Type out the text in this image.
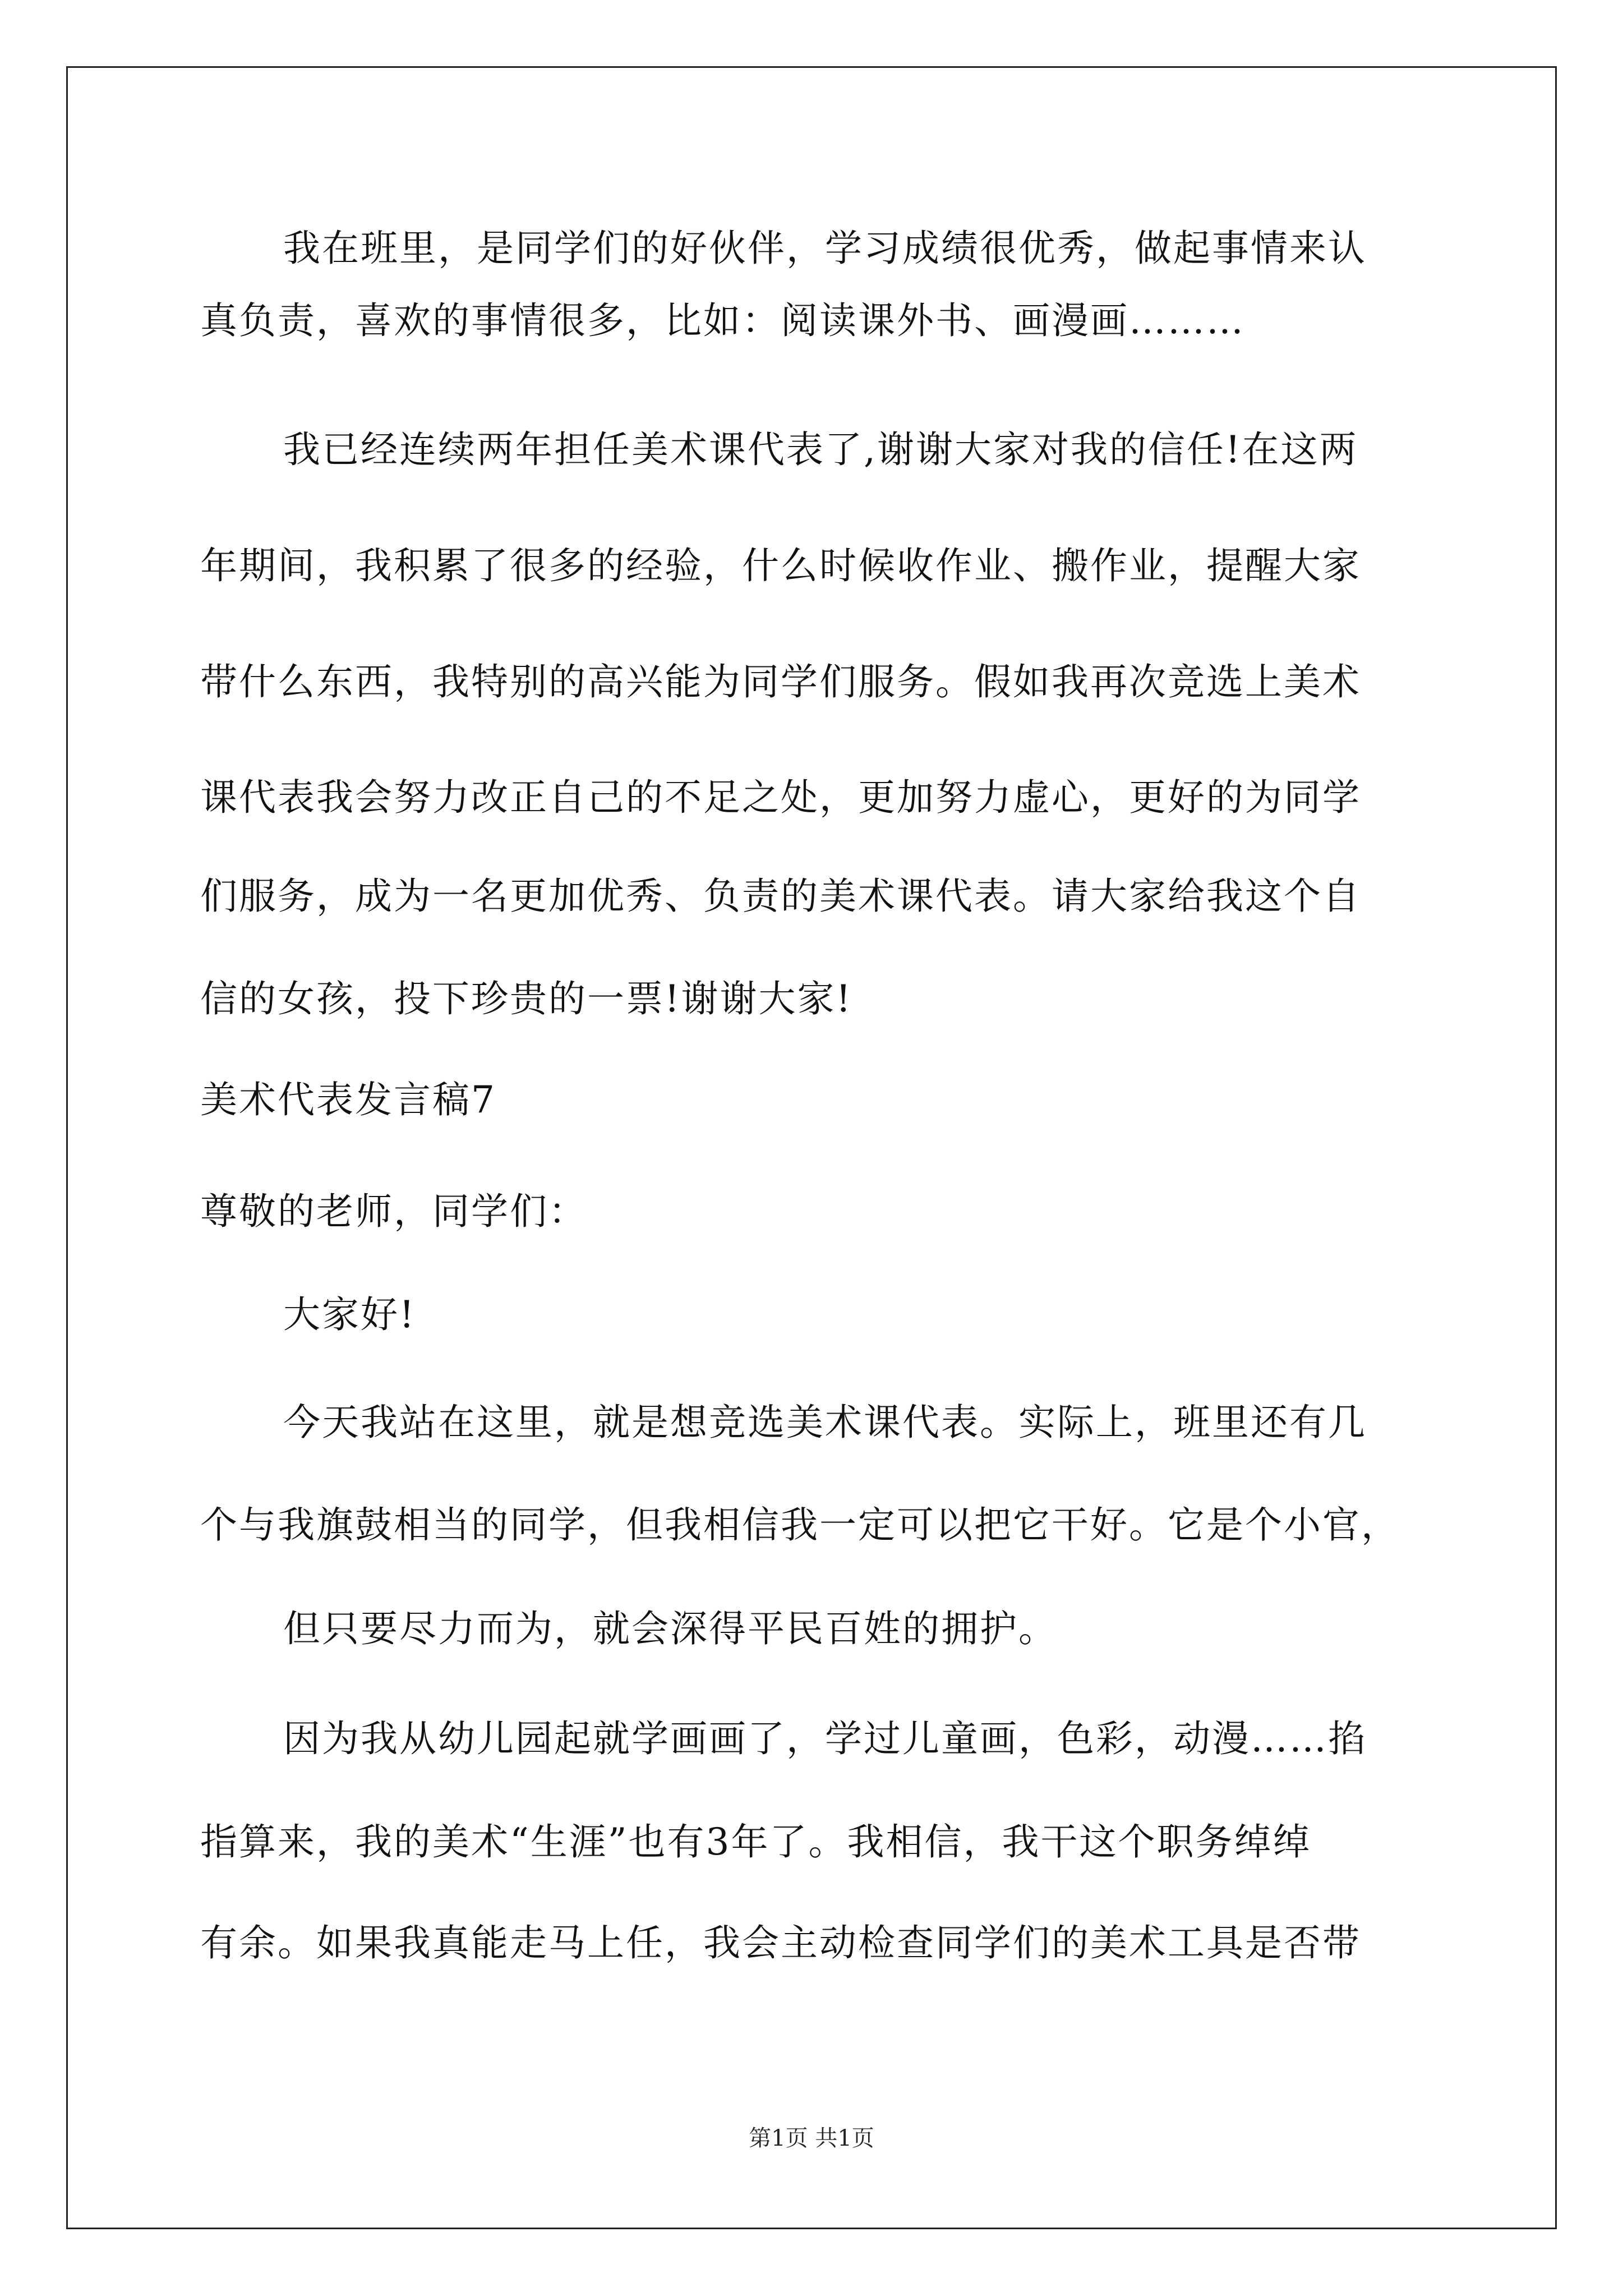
我在班里，是同学们的好伙伴，学习成绩很优秀，做起事情来认
真负责，喜欢的事情很多，比如：阅读课外书、画漫画………
我已经连续两年担任美术课代表了,谢谢大家对我的信任!在这两
年期间，我积累了很多的经验，什么时候收作业、搬作业，提醒大家
带什么东西，我特别的高兴能为同学们服务。假如我再次竞选上美术
课代表我会努力改正自己的不足之处，更加努力虚心，更好的为同学
们服务，成为一名更加优秀、负责的美术课代表。请大家给我这个自
信的女孩，投下珍贵的一票!谢谢大家!
美术代表发言稿7
尊敬的老师，同学们：
大家好!
今天我站在这里，就是想竞选美术课代表。实际上，班里还有几
个与我旗鼓相当的同学，但我相信我一定可以把它干好。它是个小官，
但只要尽力而为，就会深得平民百姓的拥护。
因为我从幼儿园起就学画画了，学过儿童画，色彩，动漫……掐
指算来，我的美术“生涯”也有3年了。我相信，我干这个职务绰绰
有余。如果我真能走马上任，我会主动检查同学们的美术工具是否带
第1页 共1页
